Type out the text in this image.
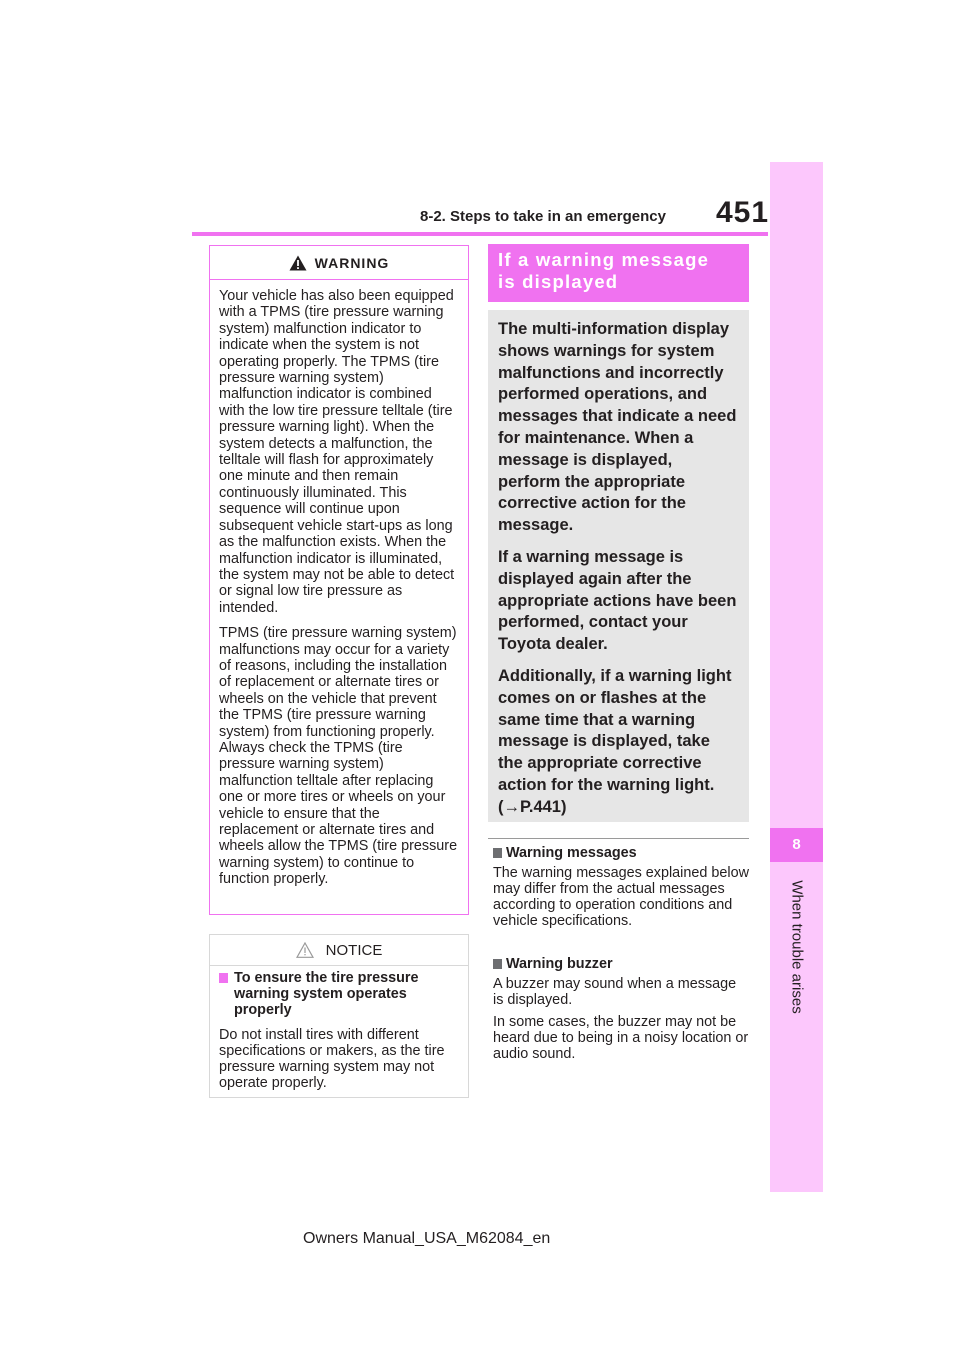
8-2. Steps to take in an emergency 451
8
When trouble arises
WARNING

Your vehicle has also been equipped with a TPMS (tire pressure warning system) malfunction indicator to indicate when the system is not operating properly. The TPMS (tire pressure warning system) malfunction indicator is combined with the low tire pressure telltale (tire pressure warning light). When the system detects a malfunction, the telltale will flash for approximately one minute and then remain continuously illuminated. This sequence will continue upon subsequent vehicle start-ups as long as the malfunction exists. When the malfunction indicator is illuminated, the system may not be able to detect or signal low tire pressure as intended.

TPMS (tire pressure warning system) malfunctions may occur for a variety of reasons, including the installation of replacement or alternate tires or wheels on the vehicle that prevent the TPMS (tire pressure warning system) from functioning properly. Always check the TPMS (tire pressure warning system) malfunction telltale after replacing one or more tires or wheels on your vehicle to ensure that the replacement or alternate tires and wheels allow the TPMS (tire pressure warning system) to continue to function properly.

NOTICE
To ensure the tire pressure warning system operates properly

Do not install tires with different specifications or makers, as the tire pressure warning system may not operate properly.

If a warning message
is displayed

The multi-information display shows warnings for system malfunctions and incorrectly performed operations, and messages that indicate a need for maintenance. When a message is displayed, perform the appropriate corrective action for the message.

If a warning message is displayed again after the appropriate actions have been performed, contact your Toyota dealer.

Additionally, if a warning light comes on or flashes at the same time that a warning message is displayed, take the appropriate corrective action for the warning light. (→P.441)

Warning messages

The warning messages explained below may differ from the actual messages according to operation conditions and vehicle specifications.

Warning buzzer

A buzzer may sound when a message is displayed.

In some cases, the buzzer may not be heard due to being in a noisy location or audio sound.

Owners Manual_USA_M62084_en
